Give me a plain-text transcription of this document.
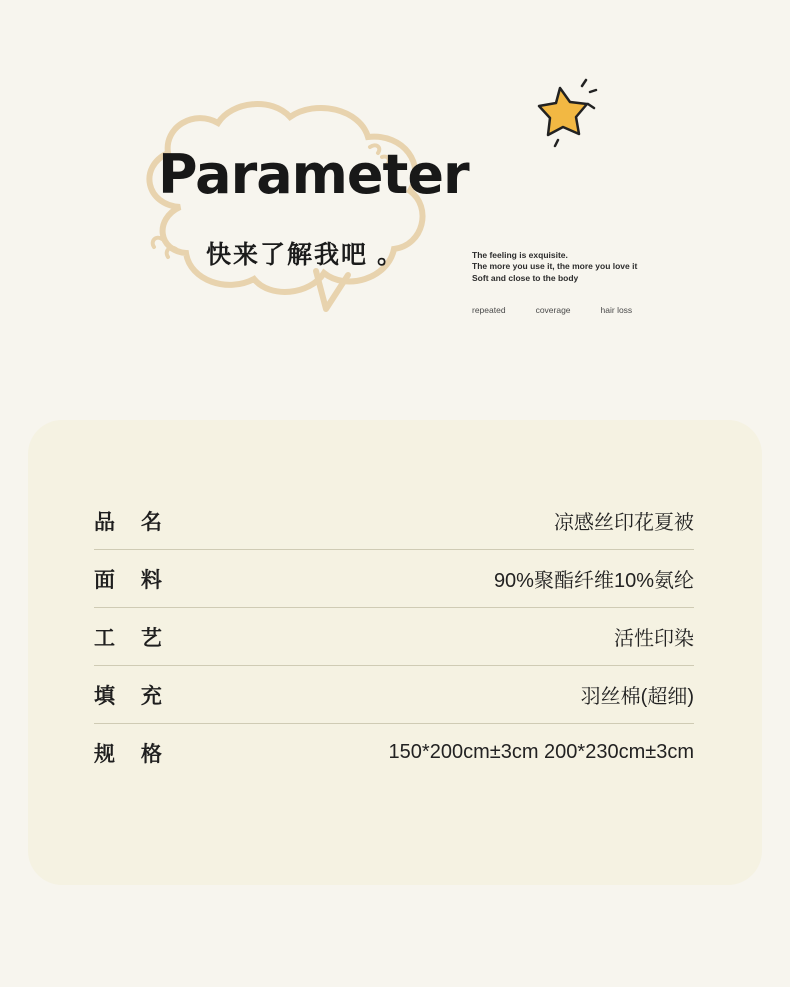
Parameter
快来了解我吧 。	The feeling is exquisite.
The more you use it, the more you love it
Soft and close to the body
repeated	coverage	hair loss
品 名	凉感丝印花夏被
面 料	90%聚酯纤维10%氨纶
工 艺	活性印染
填 充	羽丝棉(超细)
规 格	150*200cm±3cm 200*230cm±3cm
